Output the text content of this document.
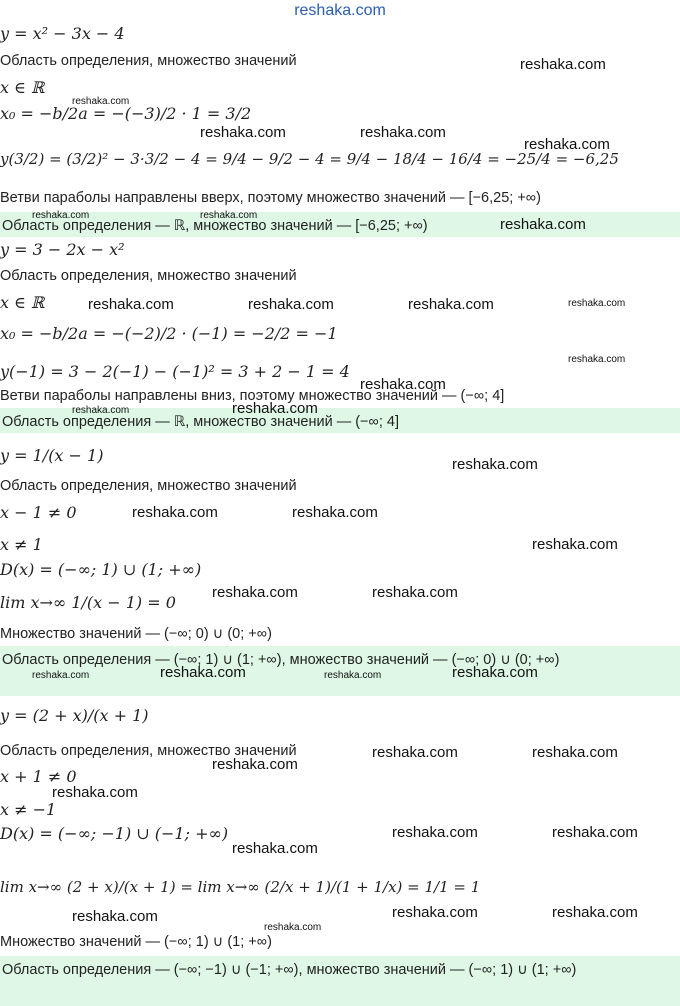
reshaka.com
y = x² − 3x − 4
Область определения, множество значений
x ∈ ℝ
x₀ = −b/2a = −(−3)/2 · 1 = 3/2
y(3/2) = (3/2)² − 3·3/2 − 4 = 9/4 − 9/2 − 4 = 9/4 − 18/4 − 16/4 = −25/4 = −6,25
Ветви параболы направлены вверх, поэтому множество значений — [−6,25; +∞)
Область определения — ℝ, множество значений — [−6,25; +∞)
y = 3 − 2x − x²
Область определения, множество значений
x ∈ ℝ
x₀ = −b/2a = −(−2)/2 · (−1) = −2/2 = −1
y(−1) = 3 − 2(−1) − (−1)² = 3 + 2 − 1 = 4
Ветви параболы направлены вниз, поэтому множество значений — (−∞; 4]
Область определения — ℝ, множество значений — (−∞; 4]
y = 1/(x − 1)
Область определения, множество значений
x − 1 ≠ 0
x ≠ 1
D(x) = (−∞; 1) ∪ (1; +∞)
lim x→∞ 1/(x − 1) = 0
Множество значений — (−∞; 0) ∪ (0; +∞)
Область определения — (−∞; 1) ∪ (1; +∞), множество значений — (−∞; 0) ∪ (0; +∞)
y = (2 + x)/(x + 1)
Область определения, множество значений
x + 1 ≠ 0
x ≠ −1
D(x) = (−∞; −1) ∪ (−1; +∞)
lim x→∞ (2 + x)/(x + 1) = lim x→∞ (2/x + 1)/(1 + 1/x) = 1/1 = 1
Множество значений — (−∞; 1) ∪ (1; +∞)
Область определения — (−∞; −1) ∪ (−1; +∞), множество значений — (−∞; 1) ∪ (1; +∞)
reshaka.com
reshaka.com
reshaka.com	reshaka.com
reshaka.com
reshaka.com	reshaka.com
reshaka.com
reshaka.com	reshaka.com	reshaka.com	reshaka.com
reshaka.com
reshaka.com
reshaka.com	reshaka.com
reshaka.com
reshaka.com	reshaka.com
reshaka.com
reshaka.com	reshaka.com
reshaka.com	reshaka.com	reshaka.com	reshaka.com
reshaka.com	reshaka.com
reshaka.com
reshaka.com
reshaka.com	reshaka.com
reshaka.com
reshaka.com	reshaka.com	reshaka.com
reshaka.com
